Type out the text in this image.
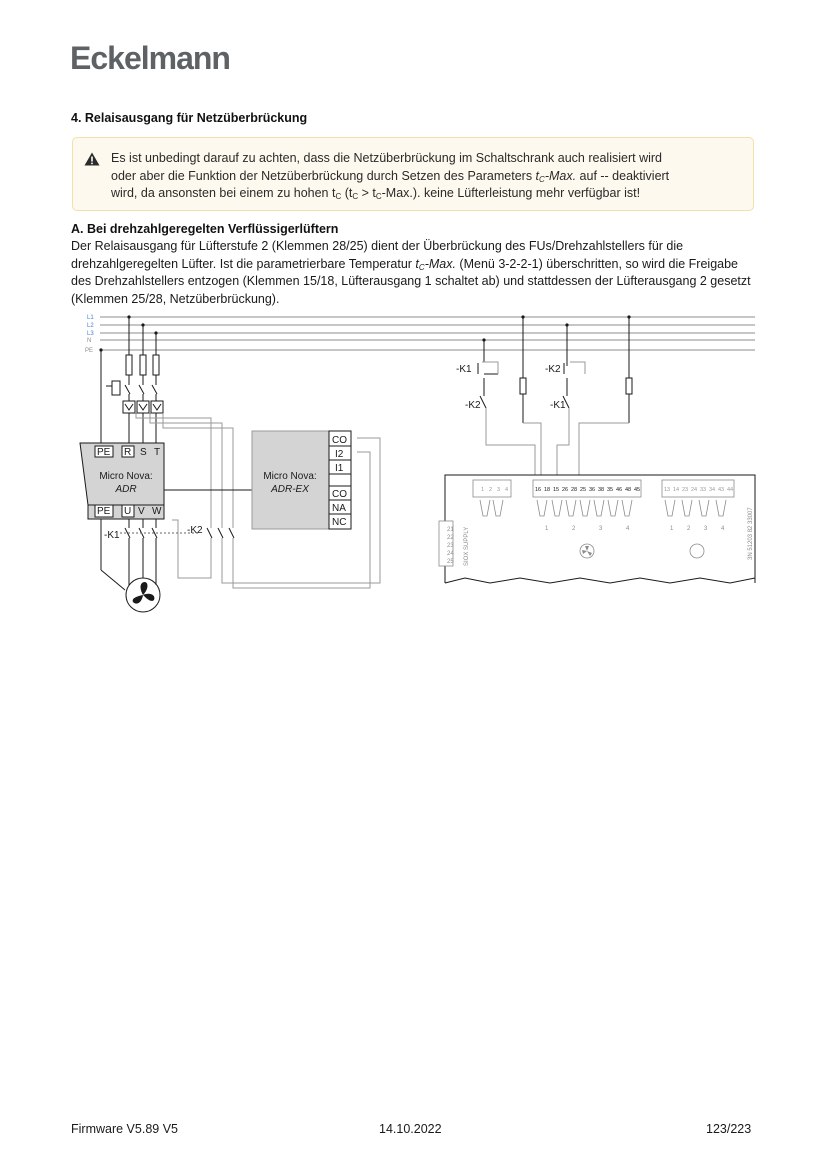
Eckelmann
4. Relaisausgang für Netzüberbrückung
Es ist unbedingt darauf zu achten, dass die Netzüberbrückung im Schaltschrank auch realisiert wird
oder aber die Funktion der Netzüberbrückung durch Setzen des Parameters $t_C$-Max. auf -- deaktiviert
wird, da ansonsten bei einem zu hohen $t_C$ $(t_C > t_C-Max.)$. keine Lüfterleistung mehr verfügbar ist!
A. Bei drehzahlgeregelten Verflüssigerlüftern
Der Relaisausgang für Lüfterstufe 2 (Klemmen 28/25) dient der Überbrückung des FUs/Drehzahlstellers für die drehzahlgeregelten Lüfter. Ist die parametrierbare Temperatur $t_C$-Max. (Menü 3-2-2-1) überschritten, so wird die Freigabe des Drehzahlstellers entzogen (Klemmen 15/18, Lüfterausgang 1 schaltet ab) und stattdessen der Lüfterausgang 2 gesetzt (Klemmen 25/28, Netzüberbrückung).
L1
L2
L3
N
PE
PE R S T
Micro Nova:
ADR
PE U V W
Micro Nova:
ADR-EX
CO
I2
I1
CO
NA
NC
-K1	-K2
-K1	-K2
-K2	-K1
1 2 3 4	16 18 15 26 28 25 36 38 35 46 48 45	13 14 23 24 33 34 43 44
1	2	3	4	1 2 3 4
21
22
23
24
25 SIOX SUPPLY	3N 51203 82 33007
Firmware V5.89 V5	14.10.2022	123/223
